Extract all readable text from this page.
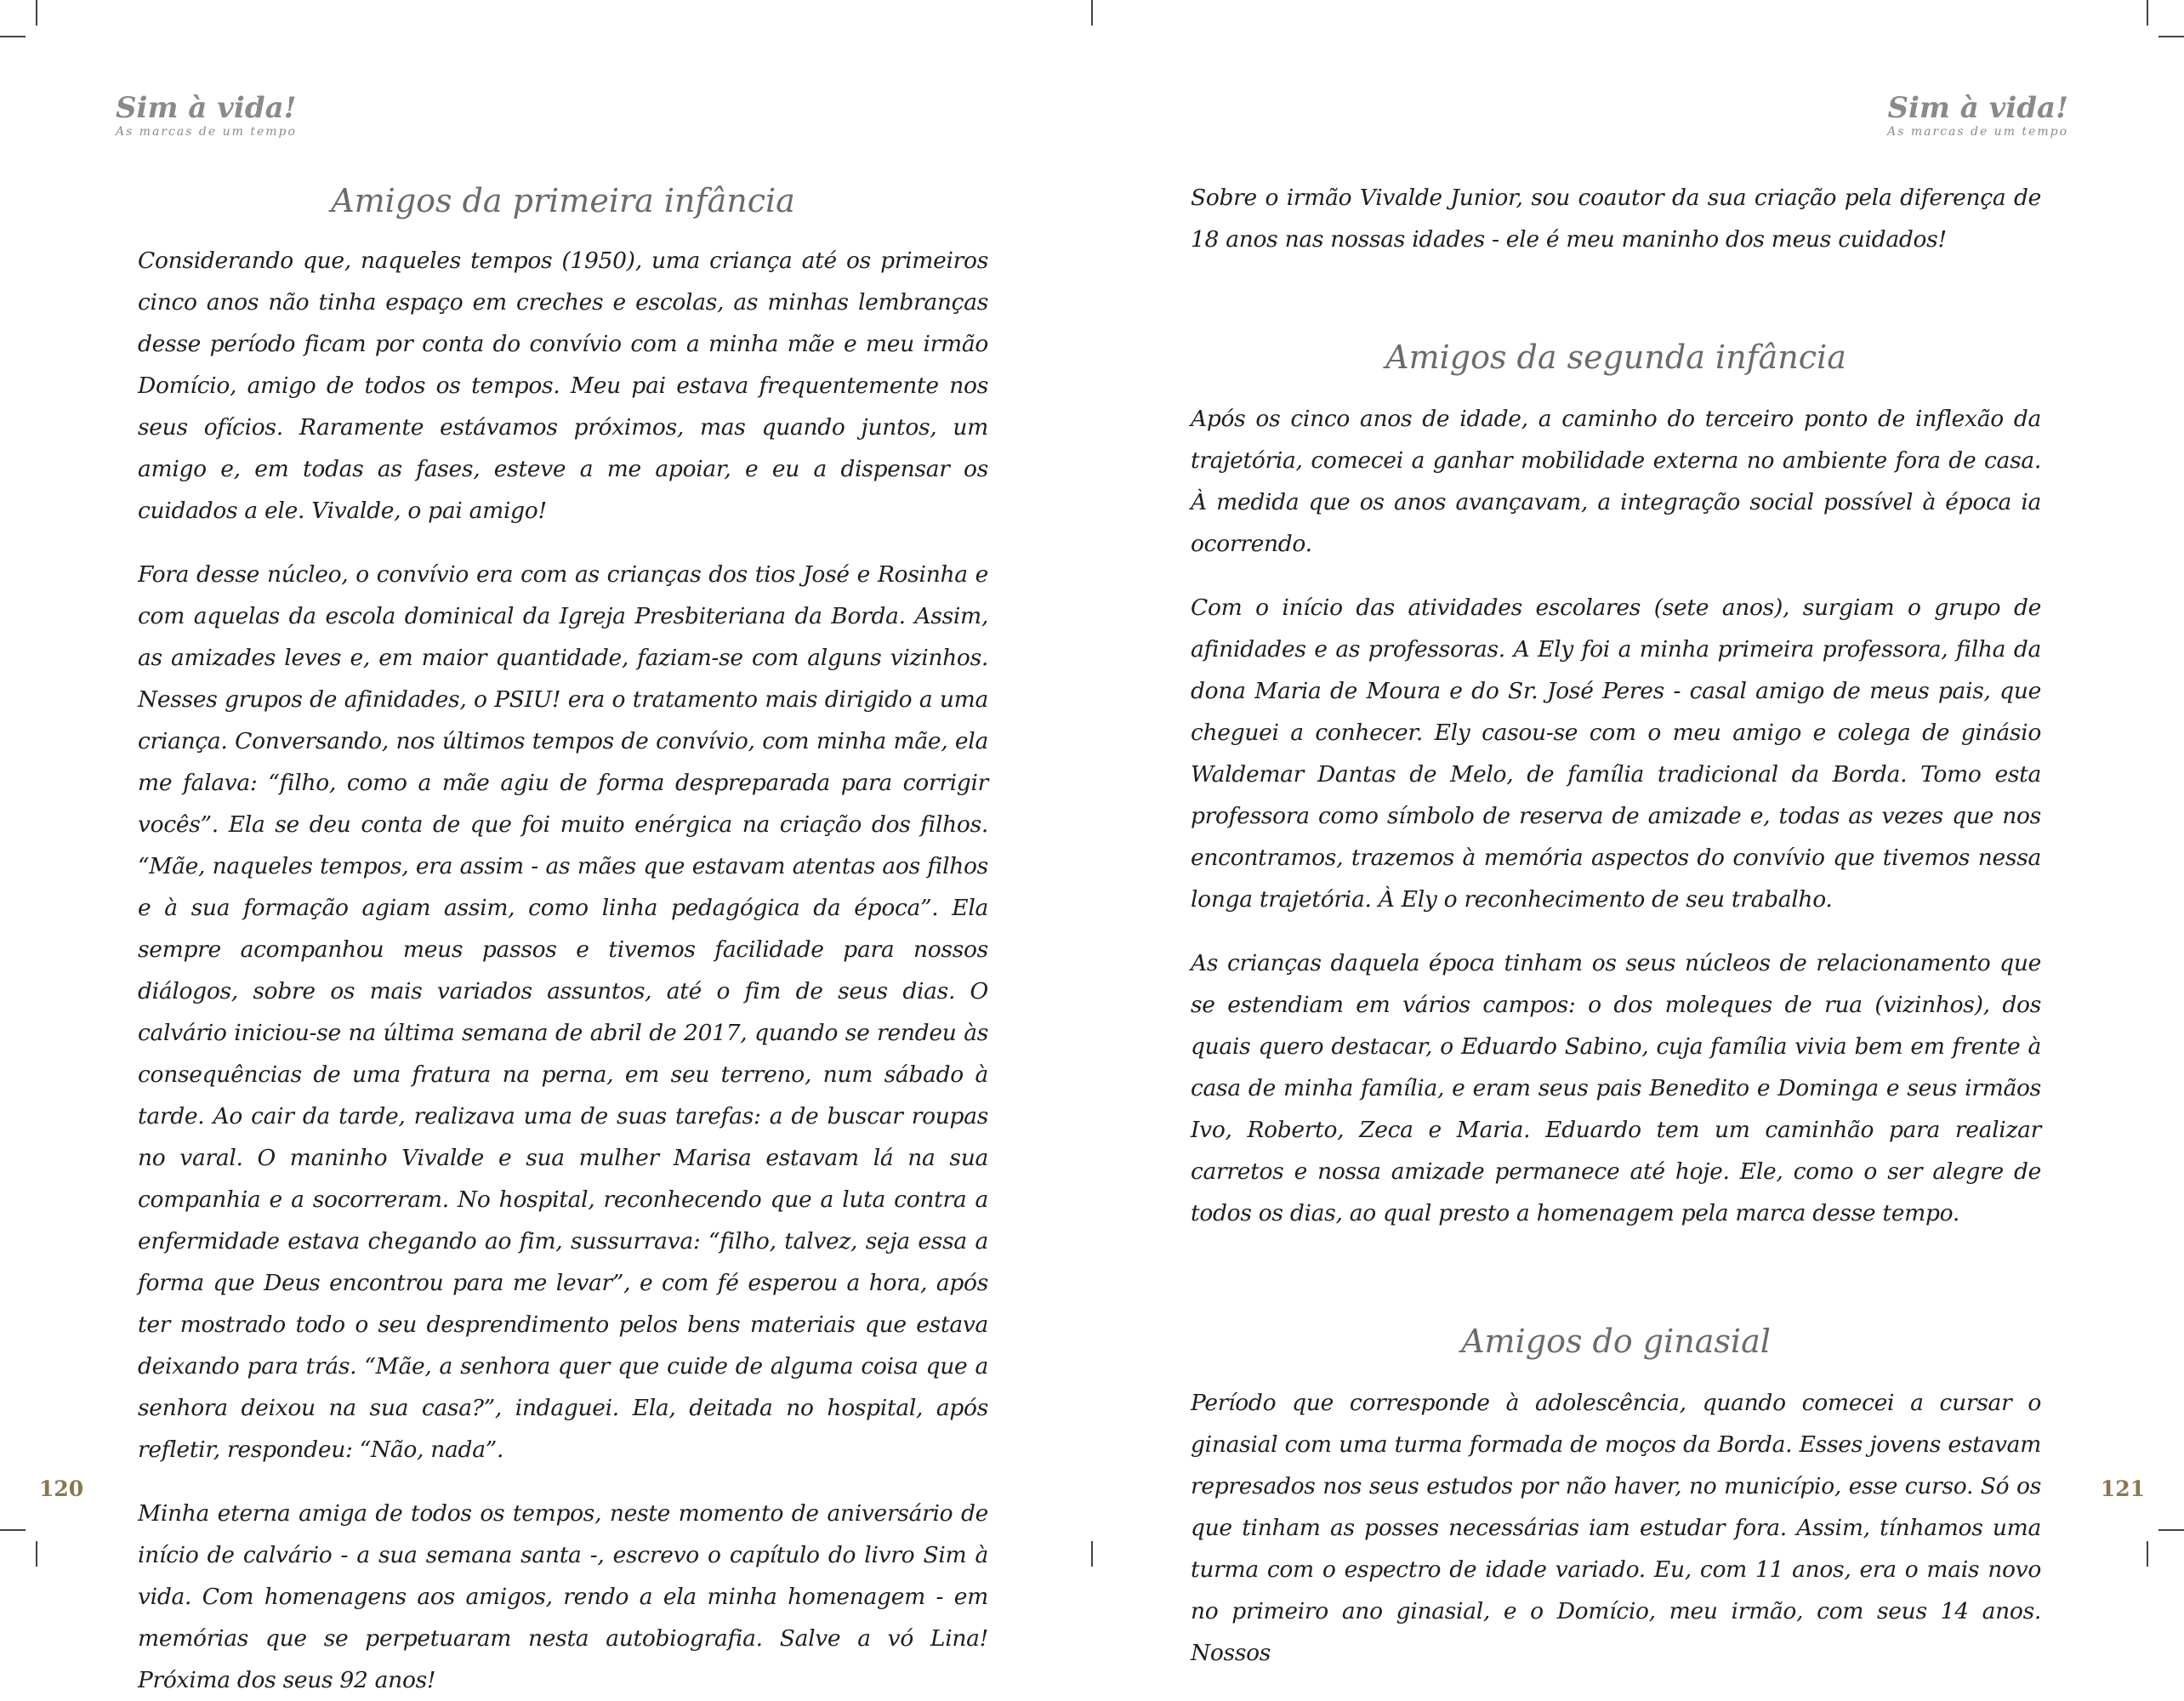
Sim à vida!
As marcas de um tempo
Amigos da primeira infância

Considerando que, naqueles tempos (1950), uma criança até os primeiros cinco anos não tinha espaço em creches e escolas, as minhas lembranças desse período ficam por conta do convívio com a minha mãe e meu irmão Domício, amigo de todos os tempos. Meu pai estava frequentemente nos seus ofícios. Raramente estávamos próximos, mas quando juntos, um amigo e, em todas as fases, esteve a me apoiar, e eu a dispensar os cuidados a ele. Vivalde, o pai amigo!

Fora desse núcleo, o convívio era com as crianças dos tios José e Rosinha e com aquelas da escola dominical da Igreja Presbiteriana da Borda. Assim, as amizades leves e, em maior quantidade, faziam-se com alguns vizinhos. Nesses grupos de afinidades, o PSIU! era o tratamento mais dirigido a uma criança. Conversando, nos últimos tempos de convívio, com minha mãe, ela me falava: “filho, como a mãe agiu de forma despreparada para corrigir vocês”. Ela se deu conta de que foi muito enérgica na criação dos filhos. “Mãe, naqueles tempos, era assim - as mães que estavam atentas aos filhos e à sua formação agiam assim, como linha pedagógica da época”. Ela sempre acompanhou meus passos e tivemos facilidade para nossos diálogos, sobre os mais variados assuntos, até o fim de seus dias. O calvário iniciou-se na última semana de abril de 2017, quando se rendeu às consequências de uma fratura na perna, em seu terreno, num sábado à tarde. Ao cair da tarde, realizava uma de suas tarefas: a de buscar roupas no varal. O maninho Vivalde e sua mulher Marisa estavam lá na sua companhia e a socorreram. No hospital, reconhecendo que a luta contra a enfermidade estava chegando ao fim, sussurrava: “filho, talvez, seja essa a forma que Deus encontrou para me levar”, e com fé esperou a hora, após ter mostrado todo o seu desprendimento pelos bens materiais que estava deixando para trás. “Mãe, a senhora quer que cuide de alguma coisa que a senhora deixou na sua casa?”, indaguei. Ela, deitada no hospital, após refletir, respondeu: “Não, nada”.

Minha eterna amiga de todos os tempos, neste momento de aniversário de início de calvário - a sua semana santa -, escrevo o capítulo do livro Sim à vida. Com homenagens aos amigos, rendo a ela minha homenagem - em memórias que se perpetuaram nesta autobiografia. Salve a vó Lina! Próxima dos seus 92 anos!

120
Sim à vida!
As marcas de um tempo

Sobre o irmão Vivalde Junior, sou coautor da sua criação pela diferença de 18 anos nas nossas idades - ele é meu maninho dos meus cuidados!

Amigos da segunda infância

Após os cinco anos de idade, a caminho do terceiro ponto de inflexão da trajetória, comecei a ganhar mobilidade externa no ambiente fora de casa. À medida que os anos avançavam, a integração social possível à época ia ocorrendo.

Com o início das atividades escolares (sete anos), surgiam o grupo de afinidades e as professoras. A Ely foi a minha primeira professora, filha da dona Maria de Moura e do Sr. José Peres - casal amigo de meus pais, que cheguei a conhecer. Ely casou-se com o meu amigo e colega de ginásio Waldemar Dantas de Melo, de família tradicional da Borda. Tomo esta professora como símbolo de reserva de amizade e, todas as vezes que nos encontramos, trazemos à memória aspectos do convívio que tivemos nessa longa trajetória. À Ely o reconhecimento de seu trabalho.

As crianças daquela época tinham os seus núcleos de relacionamento que se estendiam em vários campos: o dos moleques de rua (vizinhos), dos quais quero destacar, o Eduardo Sabino, cuja família vivia bem em frente à casa de minha família, e eram seus pais Benedito e Dominga e seus irmãos Ivo, Roberto, Zeca e Maria. Eduardo tem um caminhão para realizar carretos e nossa amizade permanece até hoje. Ele, como o ser alegre de todos os dias, ao qual presto a homenagem pela marca desse tempo.

Amigos do ginasial

Período que corresponde à adolescência, quando comecei a cursar o ginasial com uma turma formada de moços da Borda. Esses jovens estavam represados nos seus estudos por não haver, no município, esse curso. Só os que tinham as posses necessárias iam estudar fora. Assim, tínhamos uma turma com o espectro de idade variado. Eu, com 11 anos, era o mais novo no primeiro ano ginasial, e o Domício, meu irmão, com seus 14 anos. Nossos

121
